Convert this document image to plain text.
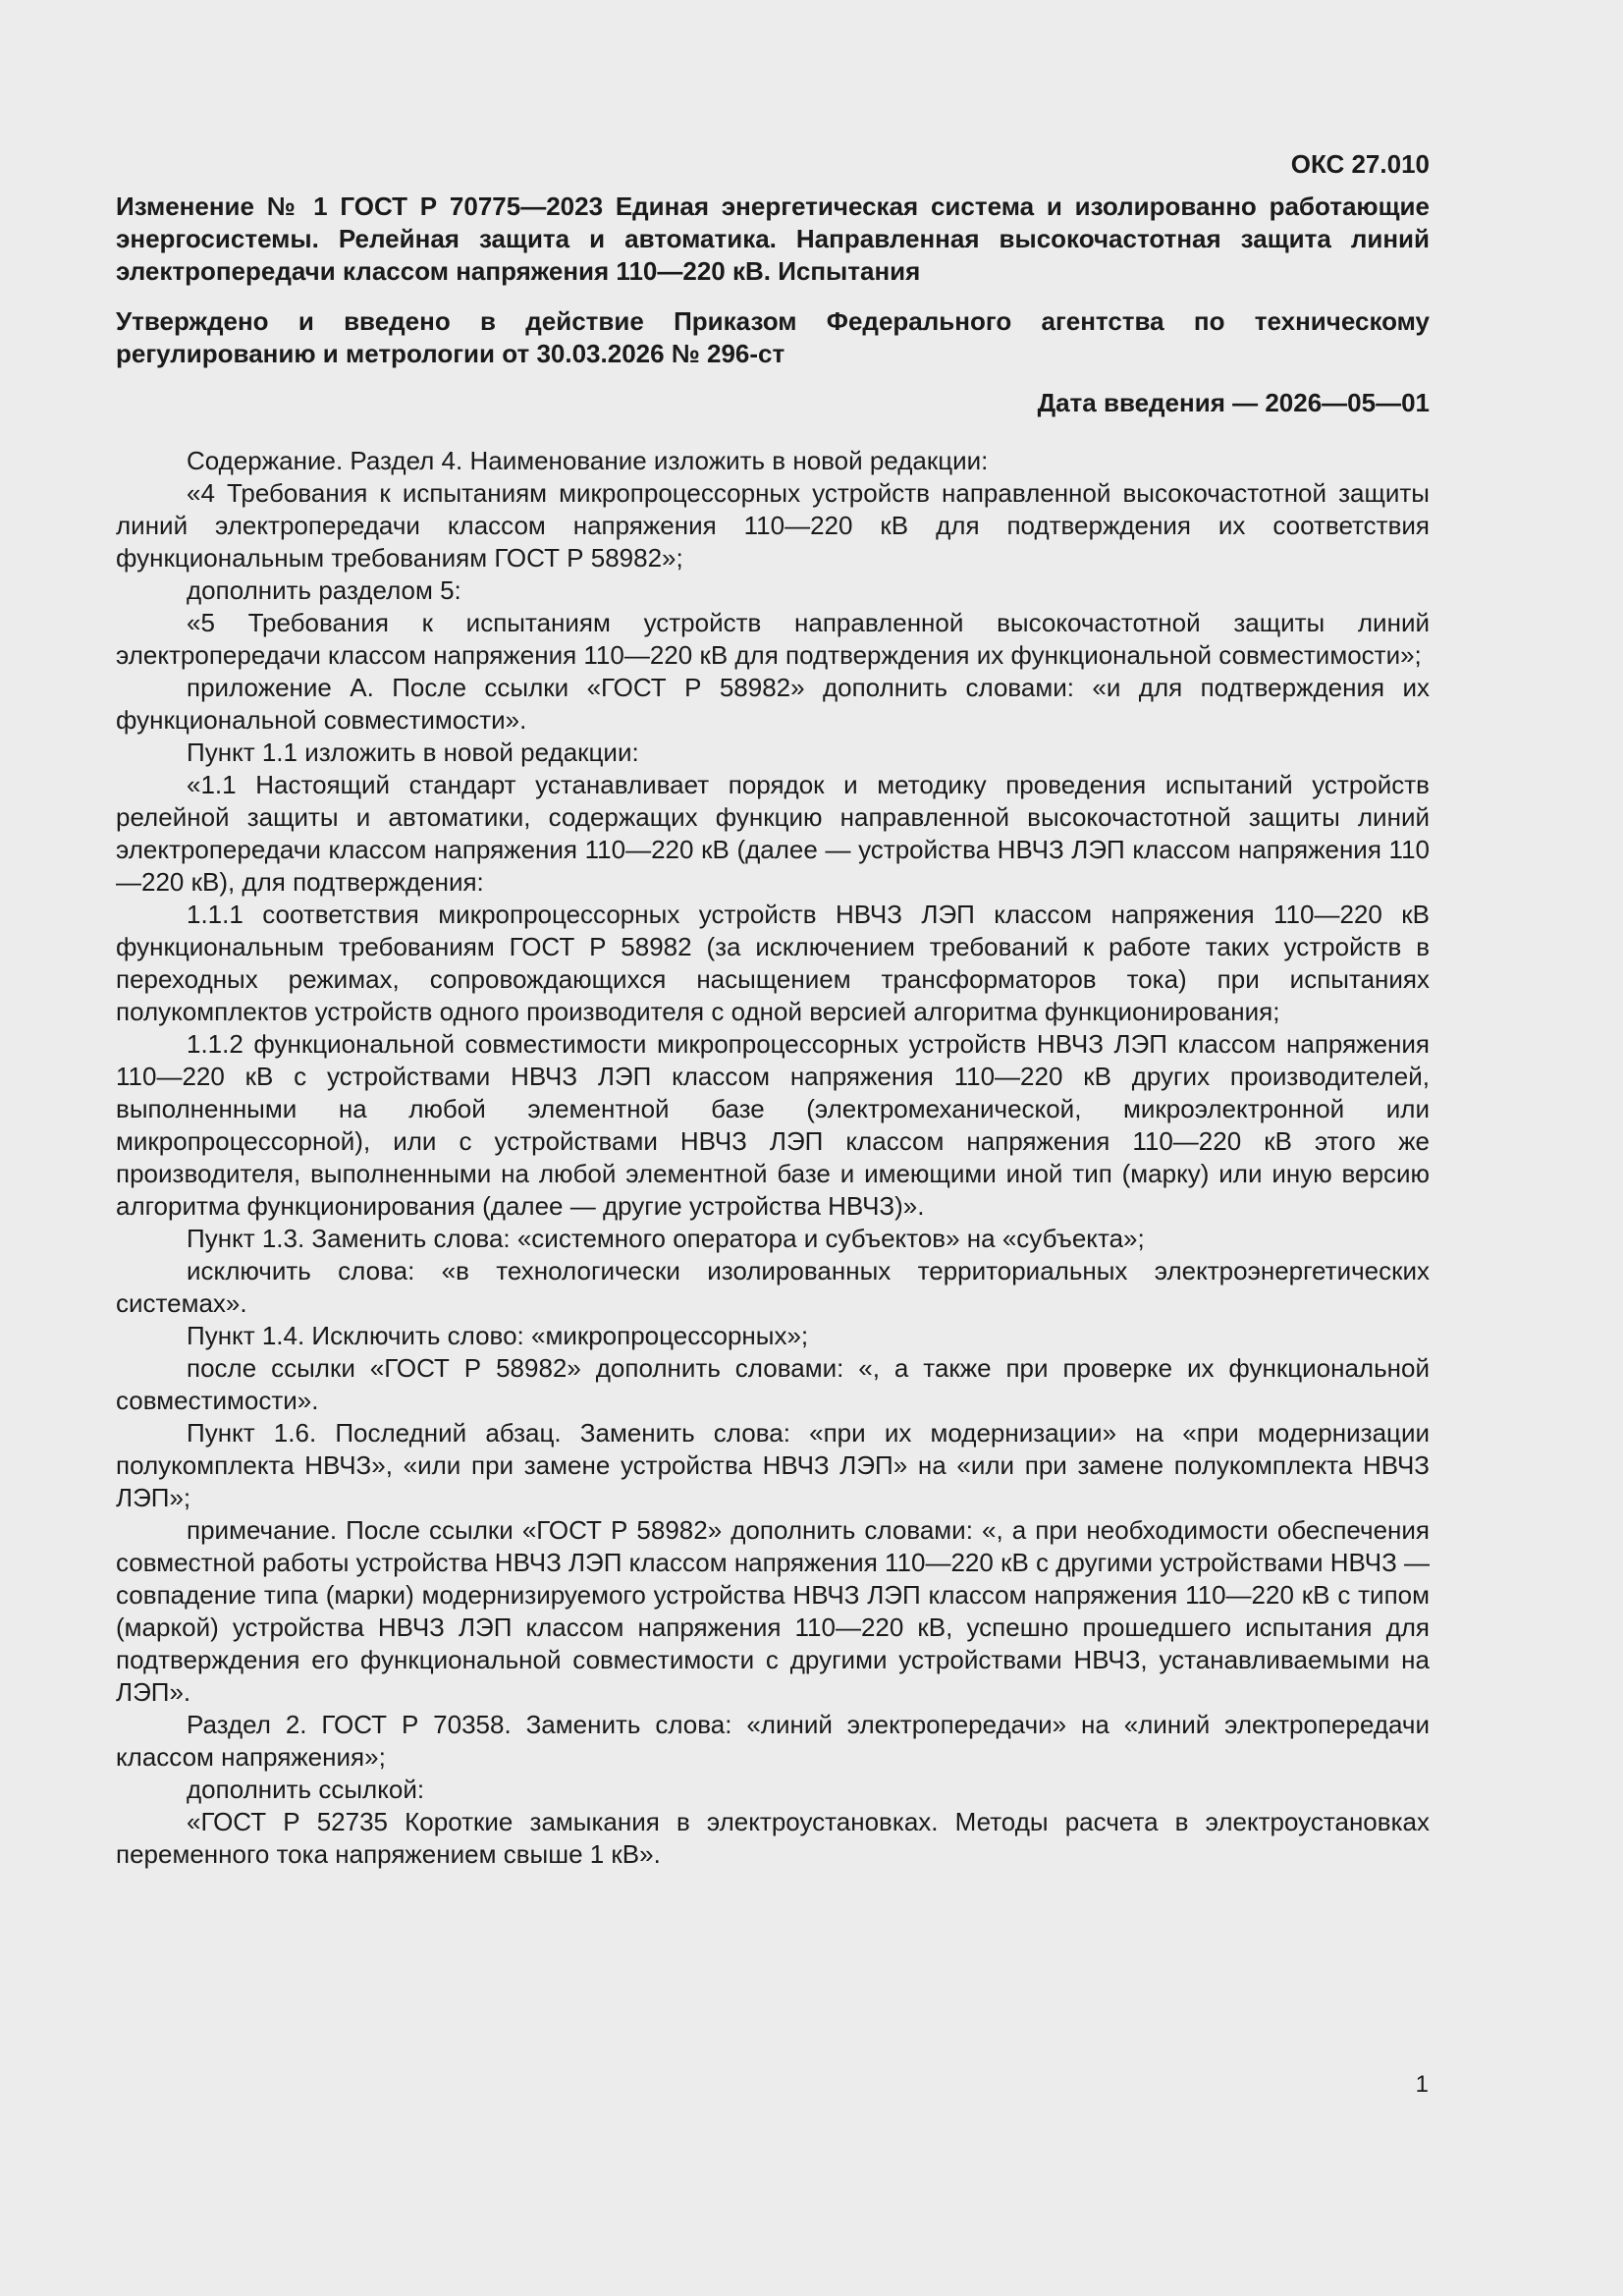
ОКС 27.010

Изменение № 1 ГОСТ Р 70775—2023 Единая энергетическая система и изолированно работающие энергосистемы. Релейная защита и автоматика. Направленная высокочастотная защита линий электропередачи классом напряжения 110—220 кВ. Испытания

Утверждено и введено в действие Приказом Федерального агентства по техническому регулированию и метрологии от 30.03.2026 № 296-ст

Дата введения — 2026—05—01

Содержание. Раздел 4. Наименование изложить в новой редакции:

«4 Требования к испытаниям микропроцессорных устройств направленной высокочастотной защиты линий электропередачи классом напряжения 110—220 кВ для подтверждения их соответствия функциональным требованиям ГОСТ Р 58982»;

дополнить разделом 5:

«5 Требования к испытаниям устройств направленной высокочастотной защиты линий электропередачи классом напряжения 110—220 кВ для подтверждения их функциональной совместимости»;

приложение А. После ссылки «ГОСТ Р 58982» дополнить словами: «и для подтверждения их функциональной совместимости».

Пункт 1.1 изложить в новой редакции:

«1.1 Настоящий стандарт устанавливает порядок и методику проведения испытаний устройств релейной защиты и автоматики, содержащих функцию направленной высокочастотной защиты линий электропередачи классом напряжения 110—220 кВ (далее — устройства НВЧЗ ЛЭП классом напряжения 110—220 кВ), для подтверждения:

1.1.1 соответствия микропроцессорных устройств НВЧЗ ЛЭП классом напряжения 110—220 кВ функциональным требованиям ГОСТ Р 58982 (за исключением требований к работе таких устройств в переходных режимах, сопровождающихся насыщением трансформаторов тока) при испытаниях полукомплектов устройств одного производителя с одной версией алгоритма функционирования;

1.1.2 функциональной совместимости микропроцессорных устройств НВЧЗ ЛЭП классом напряжения 110—220 кВ с устройствами НВЧЗ ЛЭП классом напряжения 110—220 кВ других производителей, выполненными на любой элементной базе (электромеханической, микроэлектронной или микропроцессорной), или с устройствами НВЧЗ ЛЭП классом напряжения 110—220 кВ этого же производителя, выполненными на любой элементной базе и имеющими иной тип (марку) или иную версию алгоритма функционирования (далее — другие устройства НВЧЗ)».

Пункт 1.3. Заменить слова: «системного оператора и субъектов» на «субъекта»;

исключить слова: «в технологически изолированных территориальных электроэнергетических системах».

Пункт 1.4. Исключить слово: «микропроцессорных»;

после ссылки «ГОСТ Р 58982» дополнить словами: «, а также при проверке их функциональной совместимости».

Пункт 1.6. Последний абзац. Заменить слова: «при их модернизации» на «при модернизации полукомплекта НВЧЗ», «или при замене устройства НВЧЗ ЛЭП» на «или при замене полукомплекта НВЧЗ ЛЭП»;

примечание. После ссылки «ГОСТ Р 58982» дополнить словами: «, а при необходимости обеспечения совместной работы устройства НВЧЗ ЛЭП классом напряжения 110—220 кВ с другими устройствами НВЧЗ — совпадение типа (марки) модернизируемого устройства НВЧЗ ЛЭП классом напряжения 110—220 кВ с типом (маркой) устройства НВЧЗ ЛЭП классом напряжения 110—220 кВ, успешно прошедшего испытания для подтверждения его функциональной совместимости с другими устройствами НВЧЗ, устанавливаемыми на ЛЭП».

Раздел 2. ГОСТ Р 70358. Заменить слова: «линий электропередачи» на «линий электропередачи классом напряжения»;

дополнить ссылкой:

«ГОСТ Р 52735 Короткие замыкания в электроустановках. Методы расчета в электроустановках переменного тока напряжением свыше 1 кВ».

1
